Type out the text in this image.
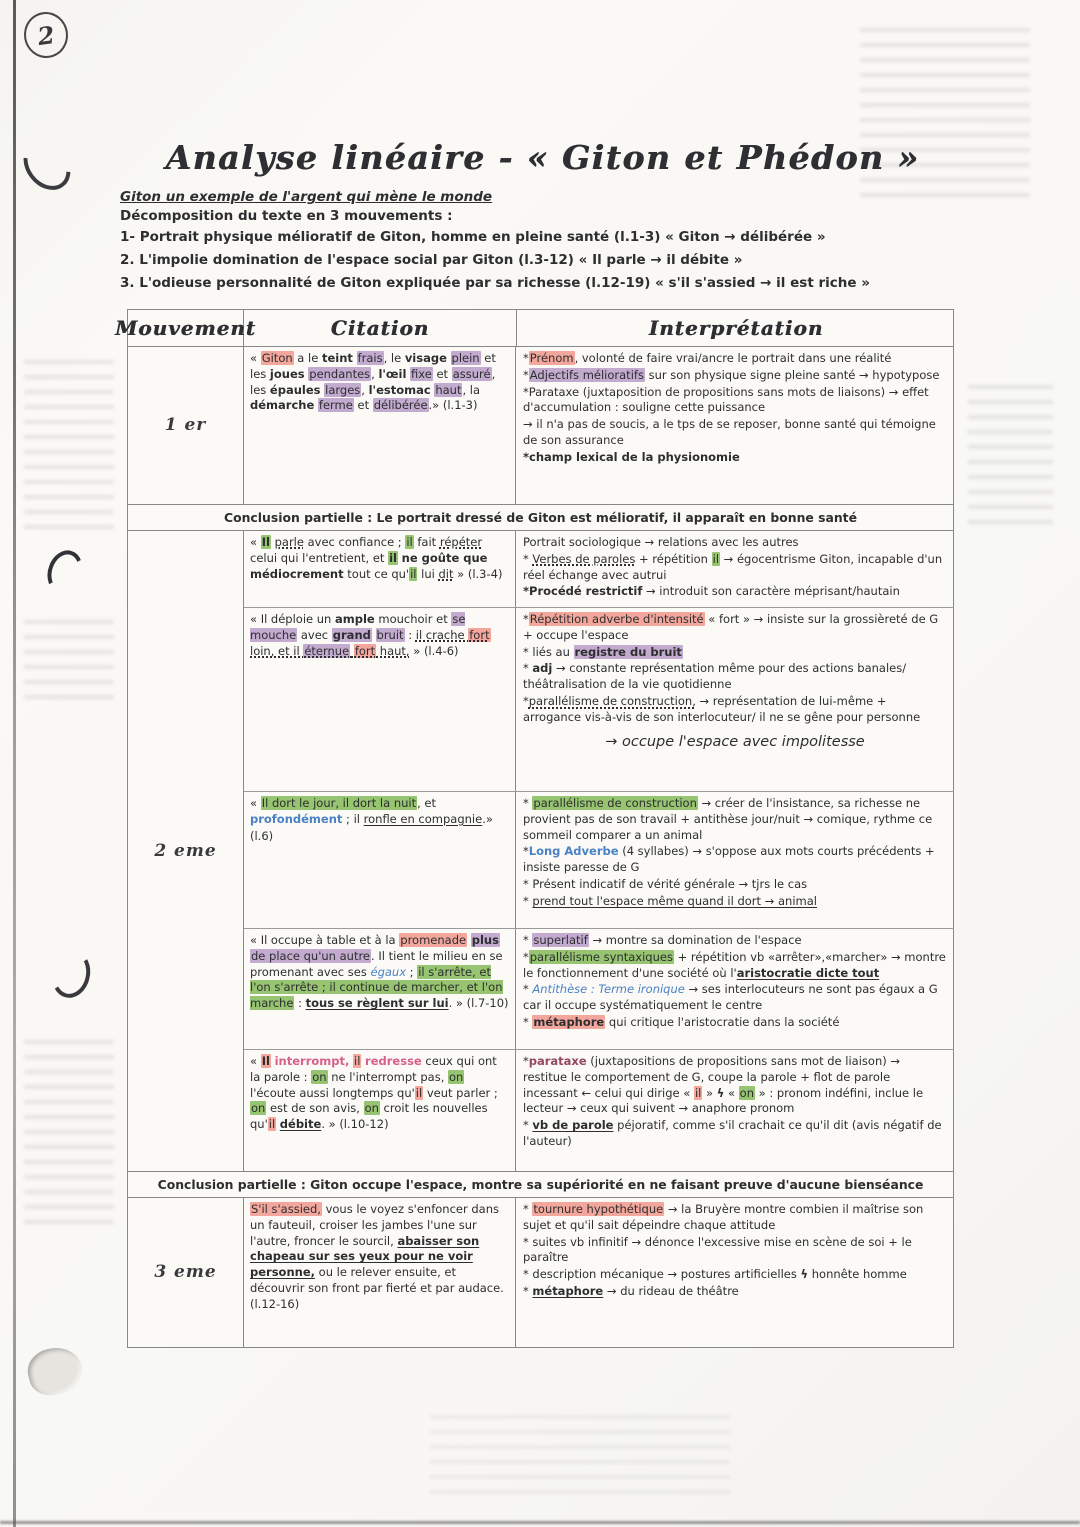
2
Analyse linéaire - « Giton et Phédon »
Giton un exemple de l'argent qui mène le monde
Décomposition du texte en 3 mouvements :
1- Portrait physique mélioratif de Giton, homme en pleine santé (l.1-3) « Giton → délibérée »
2. L'impolie domination de l'espace social par Giton (l.3-12) « Il parle → il débite »
3. L'odieuse personnalité de Giton expliquée par sa richesse (l.12-19) « s'il s'assied → il est riche »
Mouvement	Citation	Interprétation
1 er
« Giton a le teint frais, le visage plein et les joues pendantes, l'œil fixe et assuré, les épaules larges, l'estomac haut, la démarche ferme et délibérée.» (l.1-3)
*Prénom, volonté de faire vrai/ancre le portrait dans une réalité
*Adjectifs mélioratifs sur son physique signe pleine santé → hypotypose
*Parataxe (juxtaposition de propositions sans mots de liaisons) → effet d'accumulation : souligne cette puissance
→ il n'a pas de soucis, a le tps de se reposer, bonne santé qui témoigne de son assurance
*champ lexical de la physionomie
Conclusion partielle : Le portrait dressé de Giton est mélioratif, il apparaît en bonne santé
2 eme
« Il parle avec confiance ; il fait répéter celui qui l'entretient, et il ne goûte que médiocrement tout ce qu'il lui dit » (l.3-4)
Portrait sociologique → relations avec les autres
* Verbes de paroles + répétition il → égocentrisme Giton, incapable d'un réel échange avec autrui
*Procédé restrictif → introduit son caractère méprisant/hautain
« Il déploie un ample mouchoir et se mouche avec grand bruit : il crache fort loin, et il éternue fort haut, » (l.4-6)
*Répétition adverbe d'intensité « fort » → insiste sur la grossièreté de G + occupe l'espace
* liés au registre du bruit
* adj → constante représentation même pour des actions banales/ théâtralisation de la vie quotidienne
*parallélisme de construction, → représentation de lui-même + arrogance vis-à-vis de son interlocuteur/ il ne se gêne pour personne
→ occupe l'espace avec impolitesse
« Il dort le jour, il dort la nuit, et profondément ; il ronfle en compagnie.»
(l.6)
* parallélisme de construction → créer de l'insistance, sa richesse ne provient pas de son travail + antithèse jour/nuit → comique, rythme ce sommeil comparer a un animal
*Long Adverbe (4 syllabes) → s'oppose aux mots courts précédents + insiste paresse de G
* Présent indicatif de vérité générale → tjrs le cas
* prend tout l'espace même quand il dort → animal
« Il occupe à table et à la promenade plus de place qu'un autre. Il tient le milieu en se promenant avec ses égaux ; il s'arrête, et l'on s'arrête ; il continue de marcher, et l'on marche : tous se règlent sur lui. » (l.7-10)
* superlatif → montre sa domination de l'espace
*parallélisme syntaxiques + répétition vb «arrêter»,«marcher» → montre le fonctionnement d'une société où l'aristocratie dicte tout
* Antithèse : Terme ironique → ses interlocuteurs ne sont pas égaux a G car il occupe systématiquement le centre
* métaphore qui critique l'aristocratie dans la société
« Il interrompt, il redresse ceux qui ont la parole : on ne l'interrompt pas, on l'écoute aussi longtemps qu'il veut parler ; on est de son avis, on croit les nouvelles qu'il débite. » (l.10-12)
*parataxe (juxtapositions de propositions sans mot de liaison) → restitue le comportement de G, coupe la parole + flot de parole incessant ← celui qui dirige « il » ϟ « on » : pronom indéfini, inclue le lecteur → ceux qui suivent → anaphore pronom
* vb de parole péjoratif, comme s'il crachait ce qu'il dit (avis négatif de l'auteur)
Conclusion partielle : Giton occupe l'espace, montre sa supériorité en ne faisant preuve d'aucune bienséance
3 eme
S'il s'assied, vous le voyez s'enfoncer dans un fauteuil, croiser les jambes l'une sur l'autre, froncer le sourcil, abaisser son chapeau sur ses yeux pour ne voir personne, ou le relever ensuite, et découvrir son front par fierté et par audace. (l.12-16)
* tournure hypothétique → la Bruyère montre combien il maîtrise son sujet et qu'il sait dépeindre chaque attitude
* suites vb infinitif → dénonce l'excessive mise en scène de soi + le paraître
* description mécanique → postures artificielles ϟ honnête homme
* métaphore → du rideau de théâtre
